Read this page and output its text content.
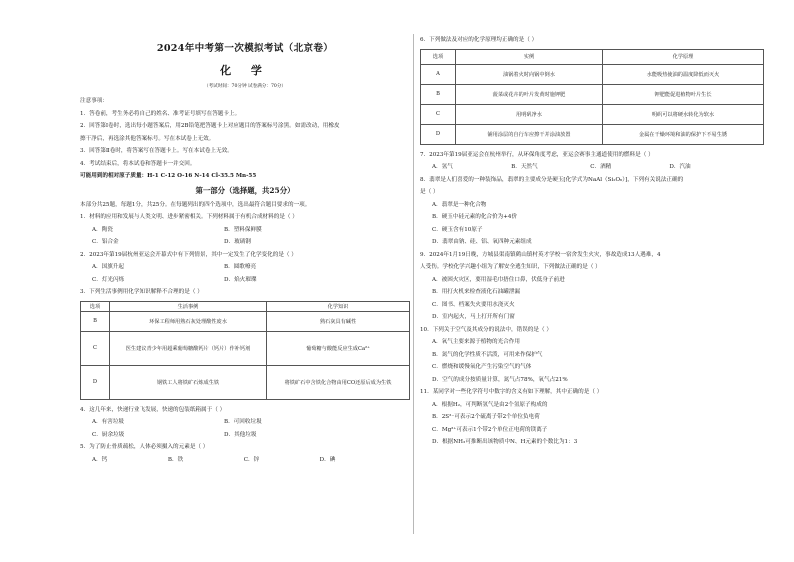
2024年中考第一次模拟考试（北京卷）
化 学
（考试时间：70分钟 试卷满分：70分）
注意事项：
1．答卷前，考生务必将自己的姓名、准考证号填写在答题卡上。
2．回答第Ⅰ卷时，选出每小题答案后，用2B铅笔把答题卡上对应题目的答案标号涂黑。如需改动，用橡皮
擦干净后，再选涂其他答案标号。写在本试卷上无效。
3．回答第Ⅱ卷时，将答案写在答题卡上。写在本试卷上无效。
4．考试结束后，将本试卷和答题卡一并交回。
可能用到的相对原子质量：H-1 C-12 O-16 N-14 Cl-35.5 Mn-55
第一部分（选择题，共25分）
本部分共25题，每题1分，共25分。在每题列出的四个选项中，选出最符合题目要求的一项。
1．材料的应用和发展与人类文明、进步紧密相关。下列材料属于有机合成材料的是（ ）
A．陶瓷	B．塑料保鲜膜
C．铝合金	D．玻璃钢
2．2023年第19届杭州亚运会开幕式中有下列情景，其中一定发生了化学变化的是（ ）
A．国旗升起	B．圆歌嘹亮
C．灯光闪烁	D．焰火璀璨
3．下列生活事例用化学知识解释不合理的是（ ）
选项	生活事例	化学知识
B	环保工程师用熟石灰处理酸性废水	熟石灰具有碱性
C	医生建议青少年用超乘葡萄糖酸钙片（钙片）作补钙剂	葡萄糖与酸能反应生成Ca²⁺
D	钢铁工人将铁矿石炼成生铁	将铁矿石中含铁化合物由用CO还原后成为生铁
4．这几年来，快递行业飞发展，快递的包装纸箱属于（ ）
A．有害垃圾	B．可回收垃圾
C．厨余垃圾	D．其他垃圾
5．为了防止骨质疏松，人体必须摄入的元素是（ ）
A．钙	B．铁	C．锌	D．碘
6．下列做法及对应的化学原理均正确的是（ ）
选项	实例	化学原理
A	油锅着火时向锅中倒水	水能吸热使油的温度降低而灭火
B	菠菜或花卉的叶片发黄时施钾肥	钾肥能促进植物叶片生长
C	用明矾净水	明矾可以将硬水转化为软水
D	铺用涂层的自行车应擦干并涂油放置	金属在干燥环境和油的保护下不易生锈
7．2023年第19届亚运会在杭州举行，从环保角度考虑，亚运会赛事主通道使用的燃料是（ ）
A．氢气	B．天然气	C．酒精	D．汽油
8．翡翠是人们喜爱的一种装饰品，翡翠的主要成分是硬玉[化学式为NaAl（Si₂O₆）]，下列有关说法正确的
是（ ）
A．翡翠是一种化合物
B．硬玉中硅元素的化合价为+4价
C．硬玉含有10原子
D．翡翠由钠、硅、铝、氧四种元素组成
9．2024年1月19日晚，方城县渠南镇鹤山镇村英才学校一宿舍发生火灾，事故造成13人遇难，4
人受伤。学校化学兴趣小组为了解安全逃生知识，下列做法正确的是（ ）
A．被困火灾区，要用湿毛巾捂住口鼻，伏低身子前进
B．用打火机来检查液化石油罐泄漏
C．图书、档案失火要用水浇灭火
D．室内起火，马上打开所有门窗
10．下列关于空气及其成分的说法中，错误的是（ ）
A．氧气主要来源于植物的光合作用
B．氮气的化学性质不活泼，可用来作保护气
C．燃烧和缓慢氧化产生污染空气的气体
D．空气的成分按质量计算，氮气占78%，氧气占21%
11．某同学对一些化学符号中数字的含义有如下理解，其中正确的是（ ）
A．根据H₂，可判断氢气是由2个氢原子构成的
B．2S²⁻可表示2个硫离子带2个单位负电荷
C．Mg²⁺可表示1个带2个单位正电荷的镁离子
D．根据NH₃可推断出该物质中N、H元素的个数比为1：3
